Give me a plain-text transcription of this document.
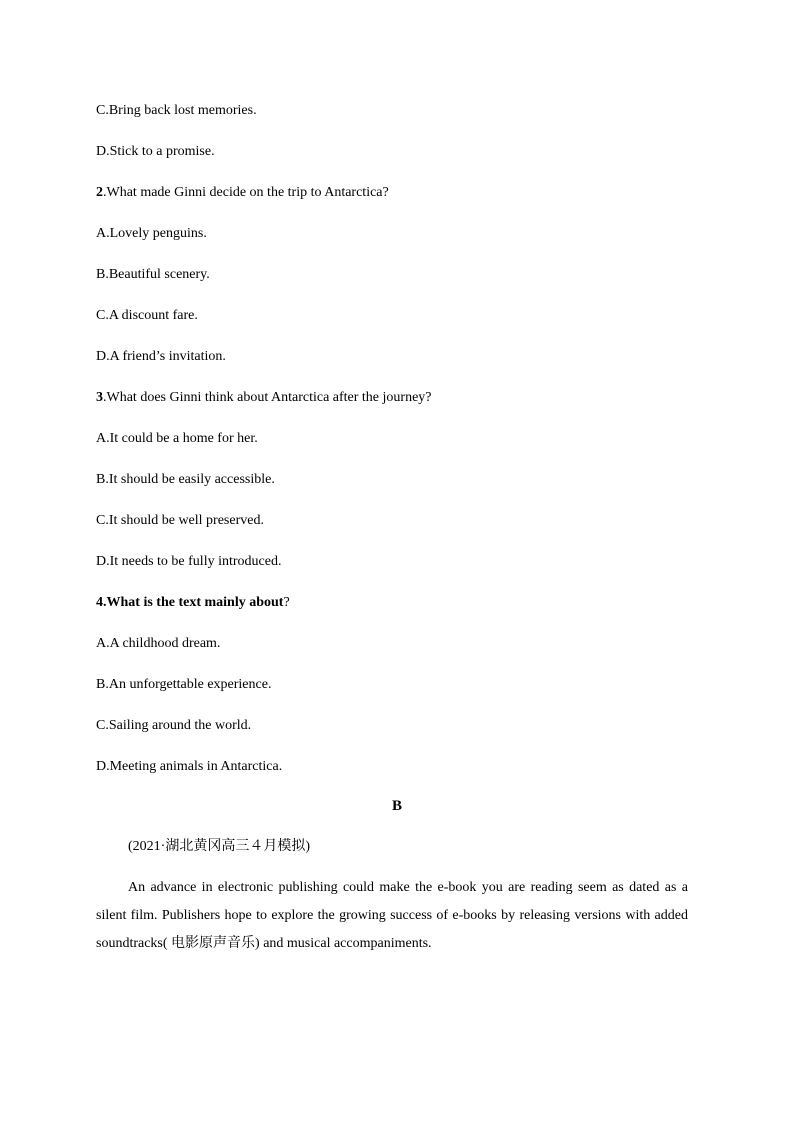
C.Bring back lost memories.
D.Stick to a promise.
2.What made Ginni decide on the trip to Antarctica?
A.Lovely penguins.
B.Beautiful scenery.
C.A discount fare.
D.A friend’s invitation.
3.What does Ginni think about Antarctica after the journey?
A.It could be a home for her.
B.It should be easily accessible.
C.It should be well preserved.
D.It needs to be fully introduced.
4.What is the text mainly about?
A.A childhood dream.
B.An unforgettable experience.
C.Sailing around the world.
D.Meeting animals in Antarctica.
B
(2021·湖北黄冈高三４月模拟)
An advance in electronic publishing could make the e-book you are reading seem as dated as a silent film. Publishers hope to explore the growing success of e-books by releasing versions with added soundtracks( 电影原声音乐) and musical accompaniments.
